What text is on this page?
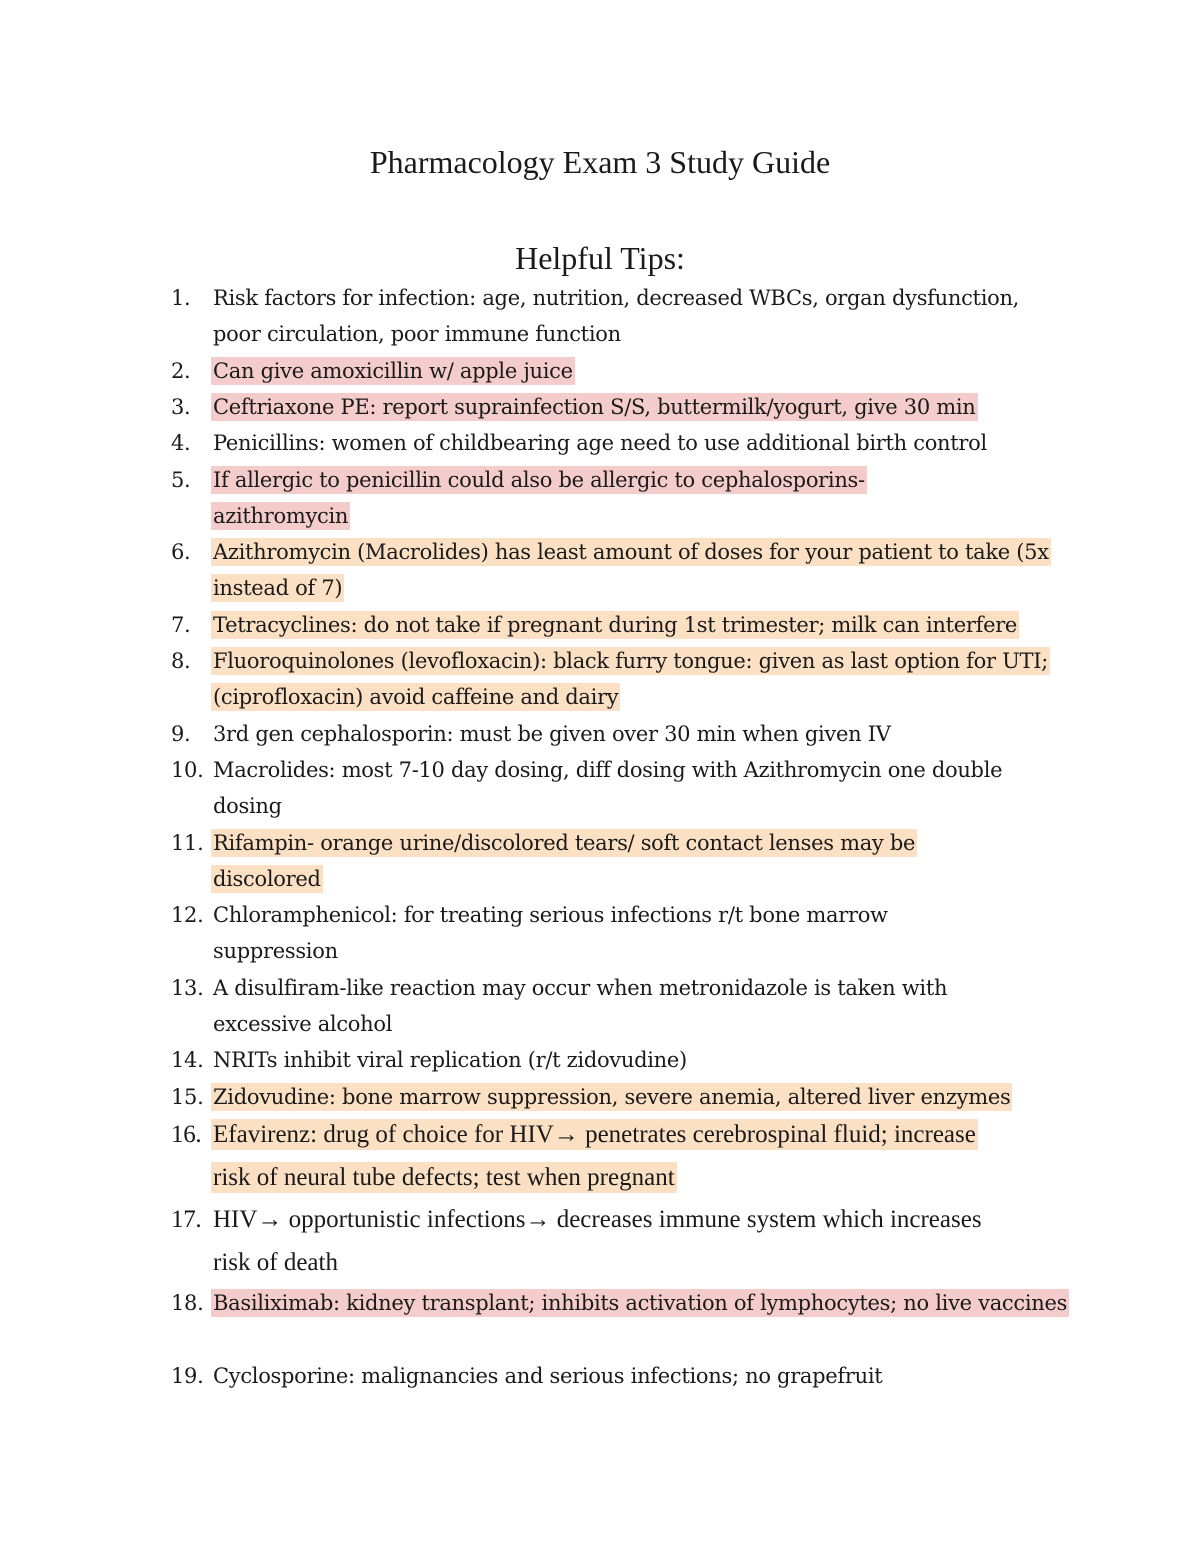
Pharmacology Exam 3 Study Guide
Helpful Tips:
1.	Risk factors for infection: age, nutrition, decreased WBCs, organ dysfunction, poor circulation, poor immune function
2.	Can give amoxicillin w/ apple juice
3.	Ceftriaxone PE: report suprainfection S/S, buttermilk/yogurt, give 30 min
4.	Penicillins: women of childbearing age need to use additional birth control
5.	If allergic to penicillin could also be allergic to cephalosporins- azithromycin
6.	Azithromycin (Macrolides) has least amount of doses for your patient to take (5x instead of 7)
7.	Tetracyclines: do not take if pregnant during 1st trimester; milk can interfere
8.	Fluoroquinolones (levofloxacin): black furry tongue: given as last option for UTI; (ciprofloxacin) avoid caffeine and dairy
9.	3rd gen cephalosporin: must be given over 30 min when given IV
10. Macrolides: most 7-10 day dosing, diff dosing with Azithromycin one double dosing
11. Rifampin- orange urine/discolored tears/ soft contact lenses may be discolored
12. Chloramphenicol: for treating serious infections r/t bone marrow suppression
13. A disulfiram-like reaction may occur when metronidazole is taken with excessive alcohol
14. NRITs inhibit viral replication (r/t zidovudine)
15. Zidovudine: bone marrow suppression, severe anemia, altered liver enzymes
16. Efavirenz: drug of choice for HIV→ penetrates cerebrospinal fluid; increase risk of neural tube defects; test when pregnant
17. HIV→ opportunistic infections→ decreases immune system which increases risk of death
18. Basiliximab: kidney transplant; inhibits activation of lymphocytes; no live vaccines
19. Cyclosporine: malignancies and serious infections; no grapefruit
